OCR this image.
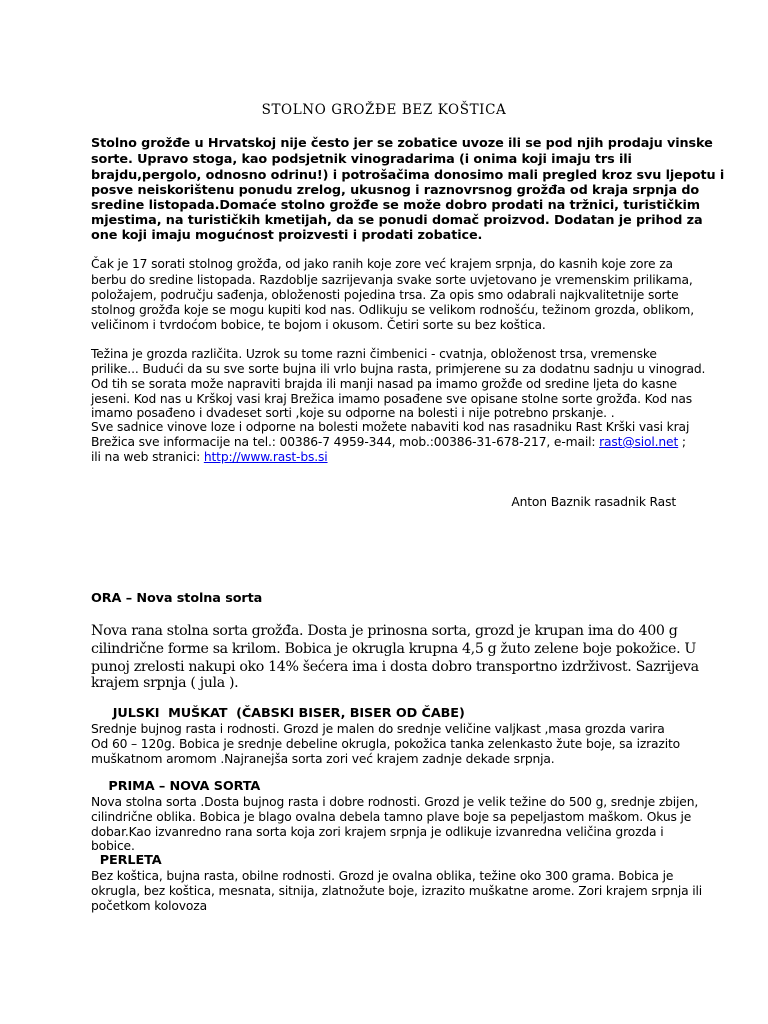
STOLNO GROŽĐE BEZ KOŠTICA
Stolno grožđe u Hrvatskoj nije često jer se zobatice uvoze ili se pod njih prodaju vinske
sorte. Upravo stoga, kao podsjetnik vinogradarima (i onima koji imaju trs ili
brajdu,pergolo, odnosno odrinu!) i potrošačima donosimo mali pregled kroz svu ljepotu i
posve neiskorištenu ponudu zrelog, ukusnog i raznovrsnog grožđa od kraja srpnja do
sredine listopada.Domaće stolno grožđe se može dobro prodati na tržnici, turističkim
mjestima, na turističkih kmetijah, da se ponudi domač proizvod. Dodatan je prihod za
one koji imaju mogućnost proizvesti i prodati zobatice.
Čak je 17 sorati stolnog grožđa, od jako ranih koje zore već krajem srpnja, do kasnih koje zore za
berbu do sredine listopada. Razdoblje sazrijevanja svake sorte uvjetovano je vremenskim prilikama,
položajem, području sađenja, obloženosti pojedina trsa. Za opis smo odabrali najkvalitetnije sorte
stolnog grožđa koje se mogu kupiti kod nas. Odlikuju se velikom rodnošću, težinom grozda, oblikom,
veličinom i tvrdoćom bobice, te bojom i okusom. Četiri sorte su bez koštica.
Težina je grozda različita. Uzrok su tome razni čimbenici - cvatnja, obloženost trsa, vremenske
prilike... Budući da su sve sorte bujna ili vrlo bujna rasta, primjerene su za dodatnu sadnju u vinograd.
Od tih se sorata može napraviti brajda ili manji nasad pa imamo grožđe od sredine ljeta do kasne
jeseni. Kod nas u Krškoj vasi kraj Brežica imamo posađene sve opisane stolne sorte grožđa. Kod nas
imamo posađeno i dvadeset sorti ,koje su odporne na bolesti i nije potrebno prskanje. .
Sve sadnice vinove loze i odporne na bolesti možete nabaviti kod nas rasadniku Rast Krški vasi kraj
Brežica sve informacije na tel.: 00386-7 4959-344, mob.:00386-31-678-217, e-mail: rast@siol.net ;
ili na web stranici: http://www.rast-bs.si
Anton Baznik rasadnik Rast
ORA – Nova stolna sorta
Nova rana stolna sorta grožđa. Dosta je prinosna sorta, grozd je krupan ima do 400 g
cilindrične forme sa krilom. Bobica je okrugla krupna 4,5 g žuto zelene boje pokožice. U
punoj zrelosti nakupi oko 14% šećera ima i dosta dobro transportno izdrživost. Sazrijeva
krajem srpnja ( jula ).
JULSKI  MUŠKAT  (ČABSKI BISER, BISER OD ČABE)
Srednje bujnog rasta i rodnosti. Grozd je malen do srednje veličine valjkast ,masa grozda varira
Od 60 – 120g. Bobica je srednje debeline okrugla, pokožica tanka zelenkasto žute boje, sa izrazito
muškatnom aromom .Najranejša sorta zori već krajem zadnje dekade srpnja.
PRIMA – NOVA SORTA
Nova stolna sorta .Dosta bujnog rasta i dobre rodnosti. Grozd je velik težine do 500 g, srednje zbijen,
cilindrične oblika. Bobica je blago ovalna debela tamno plave boje sa pepeljastom maškom. Okus je
dobar.Kao izvanredno rana sorta koja zori krajem srpnja je odlikuje izvanredna veličina grozda i
bobice.
PERLETA
Bez koštica, bujna rasta, obilne rodnosti. Grozd je ovalna oblika, težine oko 300 grama. Bobica je
okrugla, bez koštica, mesnata, sitnija, zlatnožute boje, izrazito muškatne arome. Zori krajem srpnja ili
početkom kolovoza
